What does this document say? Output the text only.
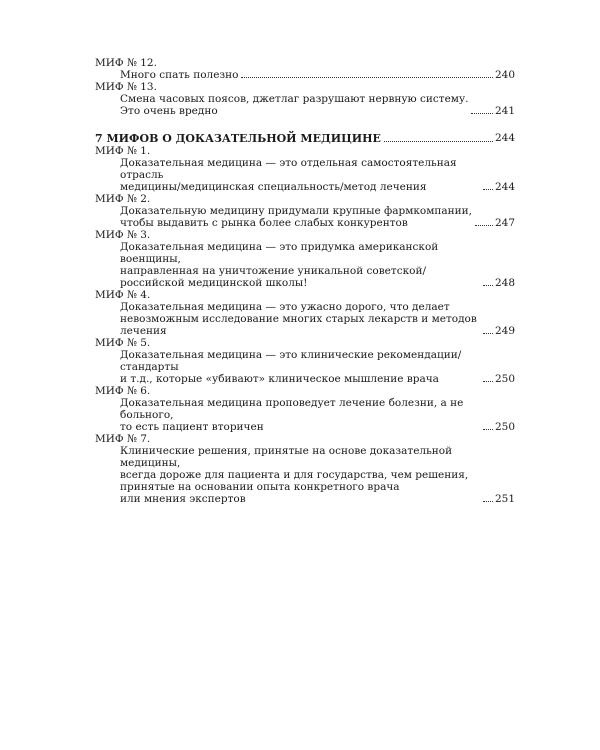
МИФ № 12.

Много спать полезно	240

МИФ № 13.

Смена часовых поясов, джетлаг разрушают нервную систему.
Это очень вредно	241
7 МИФОВ О ДОКАЗАТЕЛЬНОЙ МЕДИЦИНЕ	244

МИФ № 1.

Доказательная медицина — это отдельная самостоятельная отрасль
медицины/медицинская специальность/метод лечения	244

МИФ № 2.

Доказательную медицину придумали крупные фармкомпании,
чтобы выдавить с рынка более слабых конкурентов	247

МИФ № 3.

Доказательная медицина — это придумка американской военщины,
направленная на уничтожение уникальной советской/
российской медицинской школы!	248

МИФ № 4.

Доказательная медицина — это ужасно дорого, что делает
невозможным исследование многих старых лекарств и методов лечения	249

МИФ № 5.

Доказательная медицина — это клинические рекомендации/стандарты
и т.д., которые «убивают» клиническое мышление врача	250

МИФ № 6.

Доказательная медицина проповедует лечение болезни, а не больного,
то есть пациент вторичен	250

МИФ № 7.

Клинические решения, принятые на основе доказательной медицины,
всегда дороже для пациента и для государства, чем решения,
принятые на основании опыта конкретного врача
или мнения экспертов	251
